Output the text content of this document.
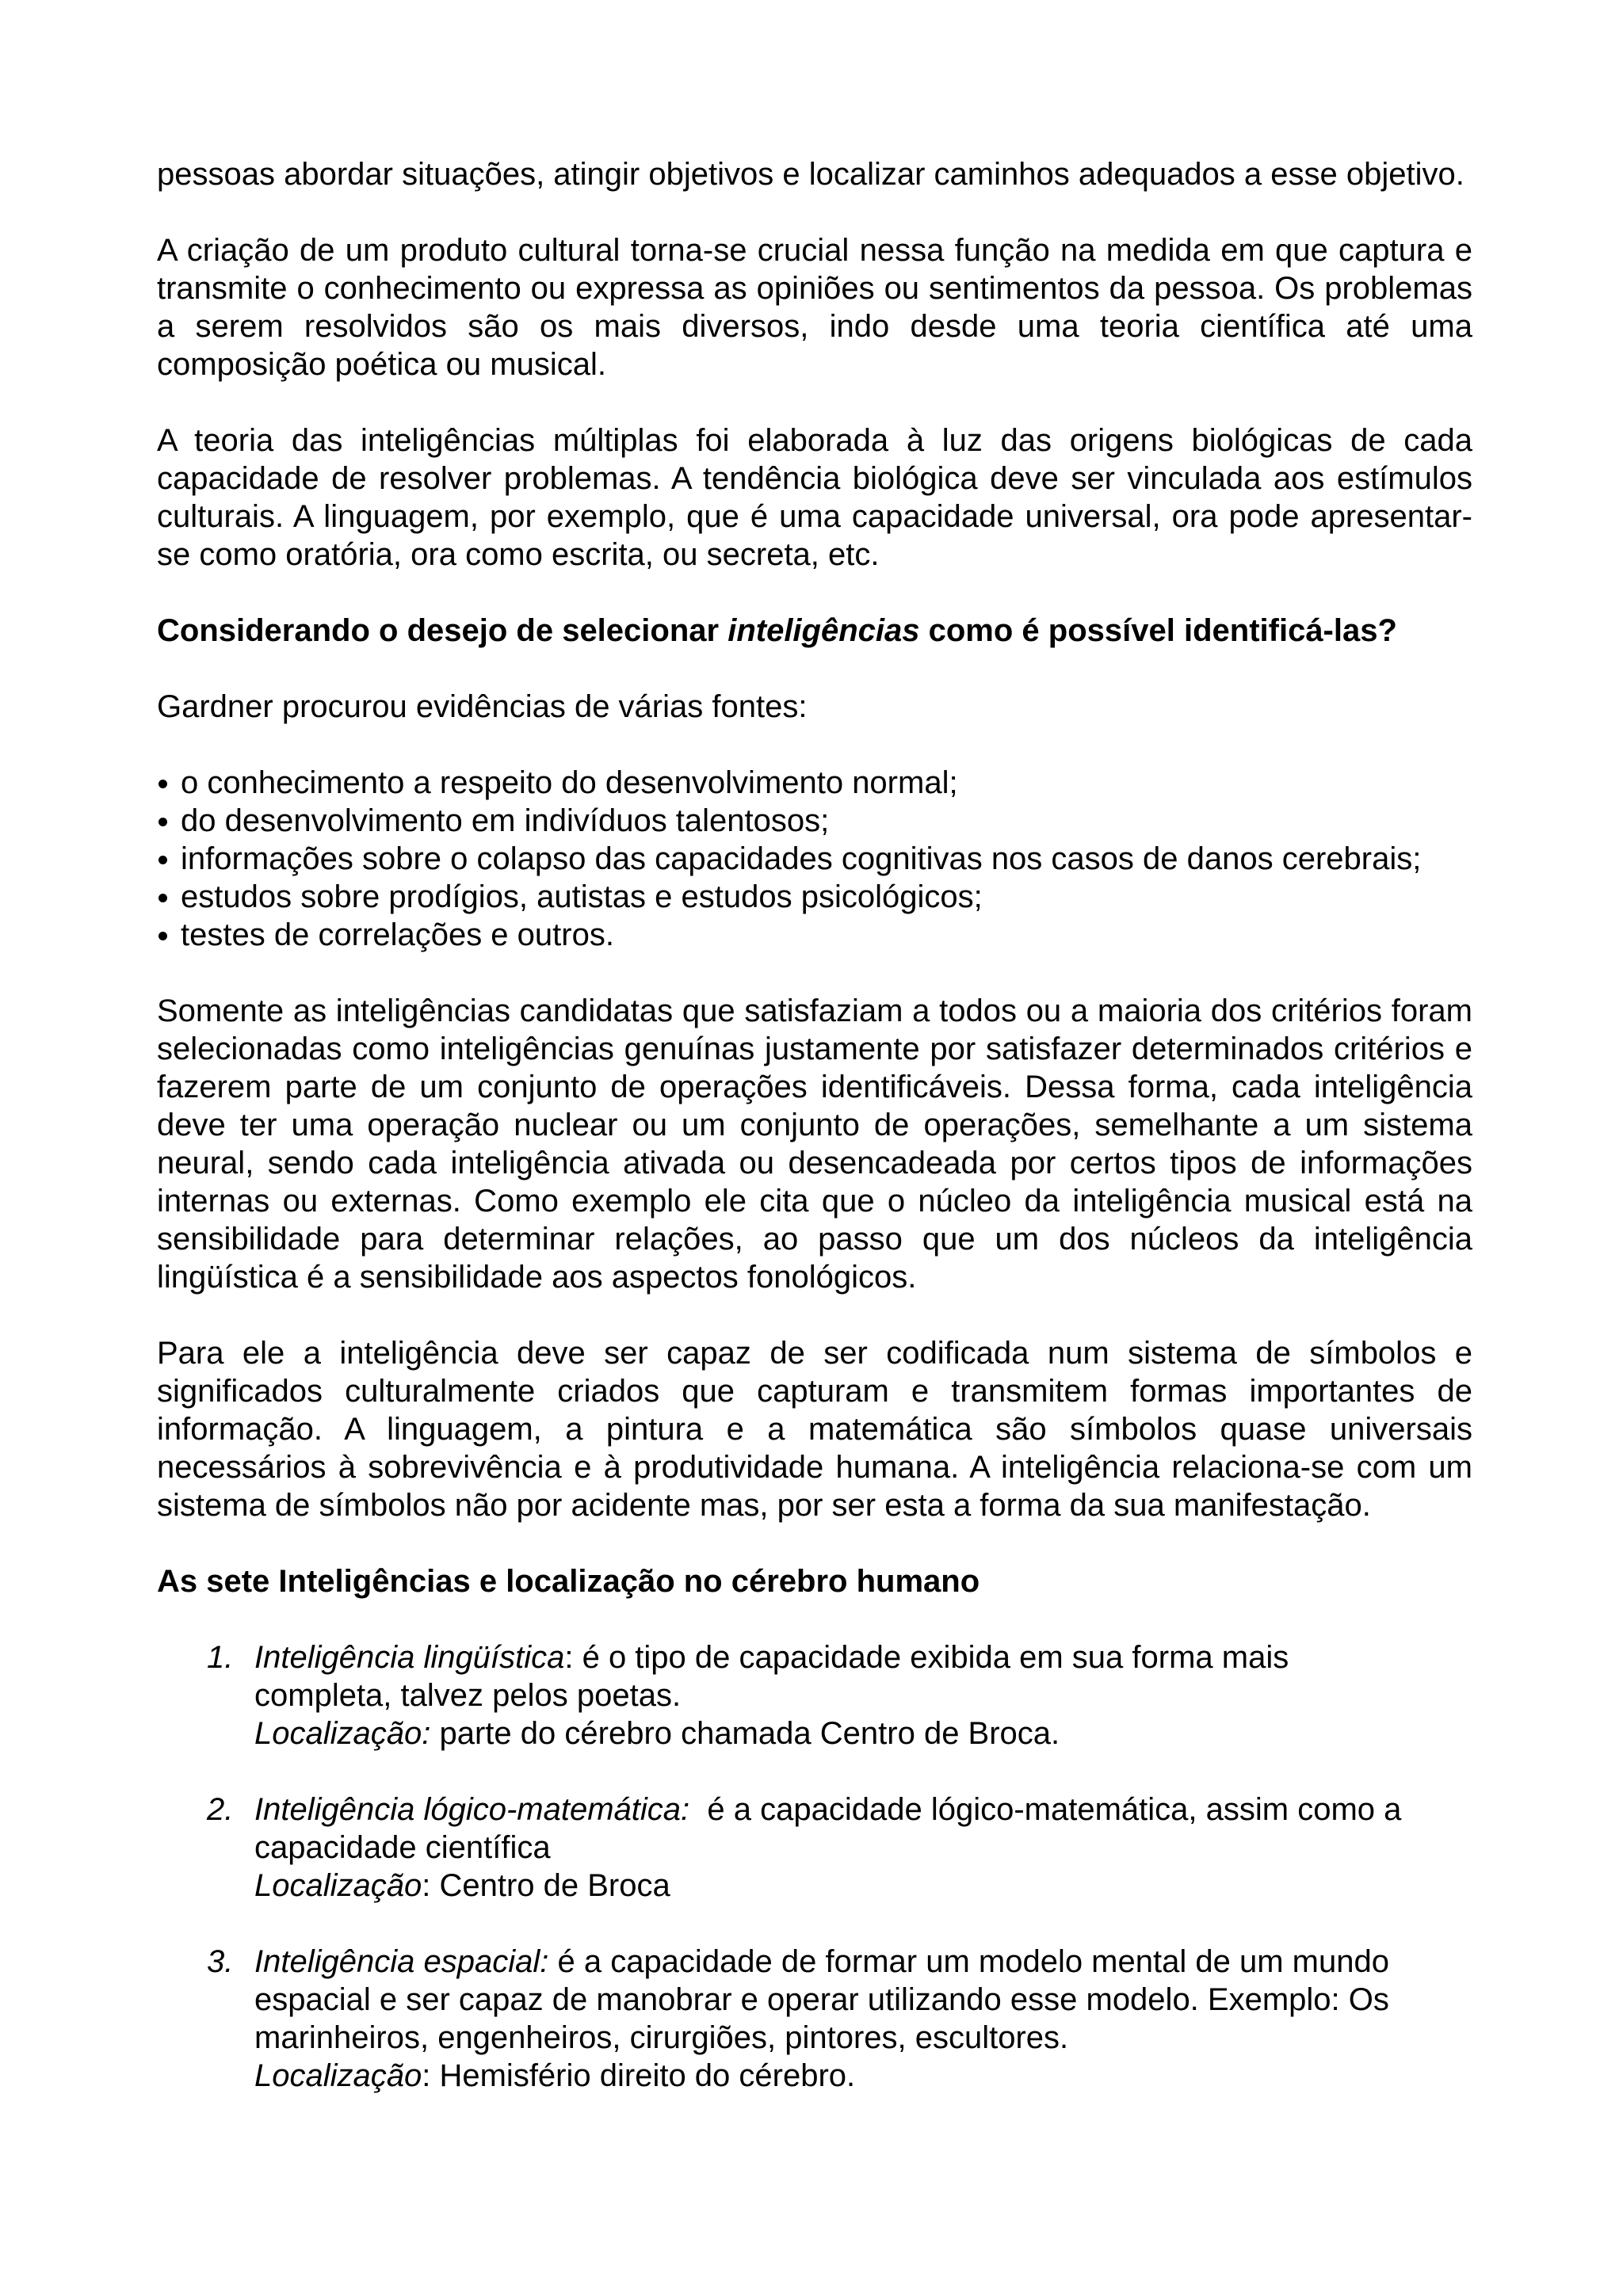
pessoas abordar situações, atingir objetivos e localizar caminhos adequados a esse objetivo.

A criação de um produto cultural torna-se crucial nessa função na medida em que captura e transmite o conhecimento ou expressa as opiniões ou sentimentos da pessoa. Os problemas a serem resolvidos são os mais diversos, indo desde uma teoria científica até uma composição poética ou musical.

A teoria das inteligências múltiplas foi elaborada à luz das origens biológicas de cada capacidade de resolver problemas. A tendência biológica deve ser vinculada aos estímulos culturais. A linguagem, por exemplo, que é uma capacidade universal, ora pode apresentar-se como oratória, ora como escrita, ou secreta, etc.

Considerando o desejo de selecionar inteligências como é possível identificá-las?

Gardner procurou evidências de várias fontes:

o conhecimento a respeito do desenvolvimento normal;
do desenvolvimento em indivíduos talentosos;
informações sobre o colapso das capacidades cognitivas nos casos de danos cerebrais;
estudos sobre prodígios, autistas e estudos psicológicos;
testes de correlações e outros.

Somente as inteligências candidatas que satisfaziam a todos ou a maioria dos critérios foram selecionadas como inteligências genuínas justamente por satisfazer determinados critérios e fazerem parte de um conjunto de operações identificáveis. Dessa forma, cada inteligência deve ter uma operação nuclear ou um conjunto de operações, semelhante a um sistema neural, sendo cada inteligência ativada ou desencadeada por certos tipos de informações internas ou externas. Como exemplo ele cita que o núcleo da inteligência musical está na sensibilidade para determinar relações, ao passo que um dos núcleos da inteligência lingüística é a sensibilidade aos aspectos fonológicos.

Para ele a inteligência deve ser capaz de ser codificada num sistema de símbolos e significados culturalmente criados que capturam e transmitem formas importantes de informação. A linguagem, a pintura e a matemática são símbolos quase universais necessários à sobrevivência e à produtividade humana. A inteligência relaciona-se com um sistema de símbolos não por acidente mas, por ser esta a forma da sua manifestação.

As sete Inteligências e localização no cérebro humano
1. Inteligência lingüística: é o tipo de capacidade exibida em sua forma mais
completa, talvez pelos poetas.
Localização: parte do cérebro chamada Centro de Broca.
2. Inteligência lógico-matemática:  é a capacidade lógico-matemática, assim como a
capacidade científica
Localização: Centro de Broca
3. Inteligência espacial: é a capacidade de formar um modelo mental de um mundo
espacial e ser capaz de manobrar e operar utilizando esse modelo. Exemplo: Os
marinheiros, engenheiros, cirurgiões, pintores, escultores.
Localização: Hemisfério direito do cérebro.
